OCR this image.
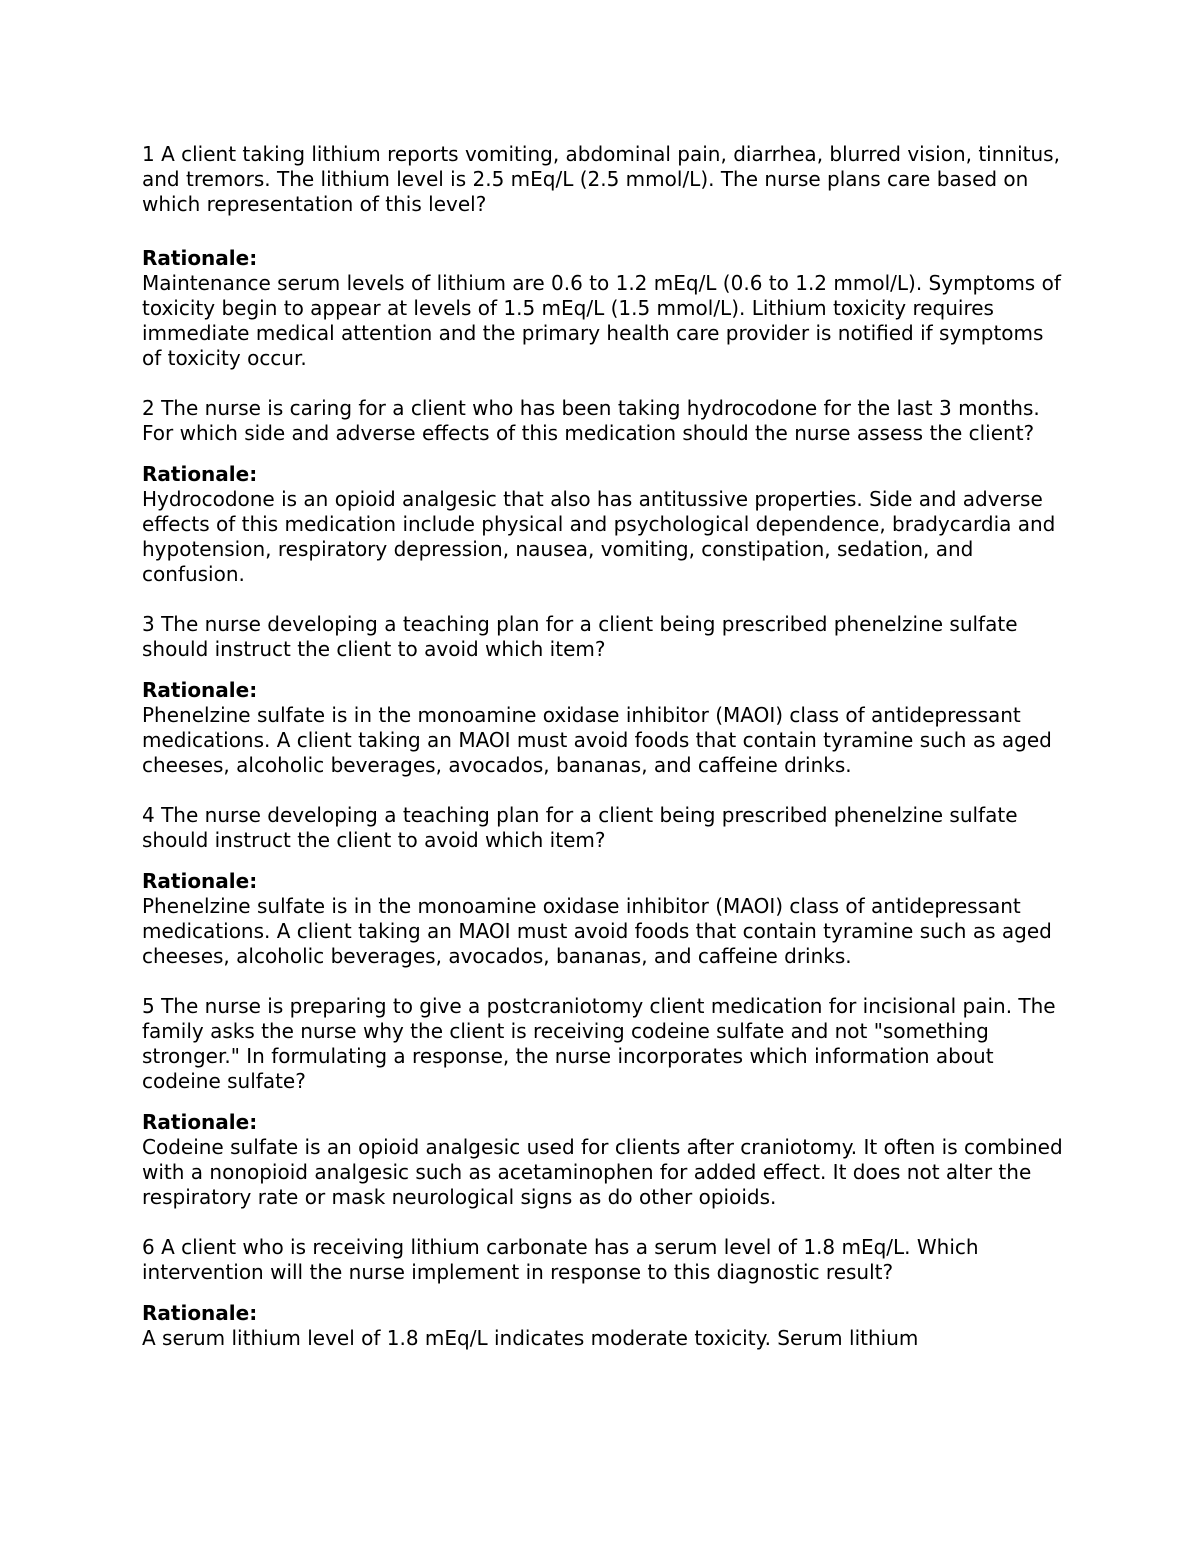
1 A client taking lithium reports vomiting, abdominal pain, diarrhea, blurred vision, tinnitus, and tremors. The lithium level is 2.5 mEq/L (2.5 mmol/L). The nurse plans care based on which representation of this level?

Rationale:

Maintenance serum levels of lithium are 0.6 to 1.2 mEq/L (0.6 to 1.2 mmol/L). Symptoms of toxicity begin to appear at levels of 1.5 mEq/L (1.5 mmol/L). Lithium toxicity requires immediate medical attention and the primary health care provider is notified if symptoms of toxicity occur.

2 The nurse is caring for a client who has been taking hydrocodone for the last 3 months. For which side and adverse effects of this medication should the nurse assess the client?

Rationale:

Hydrocodone is an opioid analgesic that also has antitussive properties. Side and adverse effects of this medication include physical and psychological dependence, bradycardia and hypotension, respiratory depression, nausea, vomiting, constipation, sedation, and confusion.

3 The nurse developing a teaching plan for a client being prescribed phenelzine sulfate should instruct the client to avoid which item?

Rationale:

Phenelzine sulfate is in the monoamine oxidase inhibitor (MAOI) class of antidepressant medications. A client taking an MAOI must avoid foods that contain tyramine such as aged cheeses, alcoholic beverages, avocados, bananas, and caffeine drinks.

4 The nurse developing a teaching plan for a client being prescribed phenelzine sulfate should instruct the client to avoid which item?

Rationale:

Phenelzine sulfate is in the monoamine oxidase inhibitor (MAOI) class of antidepressant medications. A client taking an MAOI must avoid foods that contain tyramine such as aged cheeses, alcoholic beverages, avocados, bananas, and caffeine drinks.

5 The nurse is preparing to give a postcraniotomy client medication for incisional pain. The family asks the nurse why the client is receiving codeine sulfate and not "something stronger." In formulating a response, the nurse incorporates which information about codeine sulfate?

Rationale:

Codeine sulfate is an opioid analgesic used for clients after craniotomy. It often is combined with a nonopioid analgesic such as acetaminophen for added effect. It does not alter the respiratory rate or mask neurological signs as do other opioids.

6 A client who is receiving lithium carbonate has a serum level of 1.8 mEq/L. Which intervention will the nurse implement in response to this diagnostic result?

Rationale:

A serum lithium level of 1.8 mEq/L indicates moderate toxicity. Serum lithium
